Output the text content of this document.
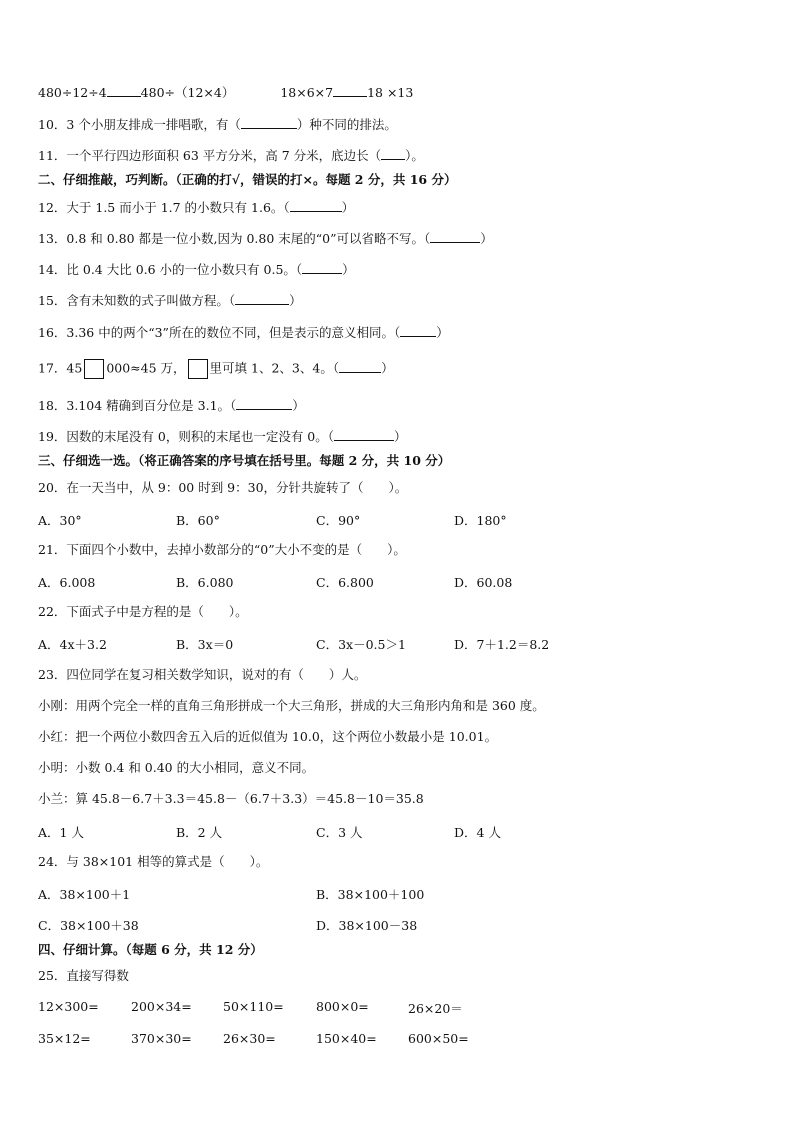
480÷12÷4	480÷（12×4）	18×6×7	18 ×13
10．3 个小朋友排成一排唱歌，有（	）种不同的排法。
11．一个平行四边形面积 63 平方分米，高 7 分米，底边长（ ）。
二、仔细推敲，巧判断。（正确的打√，错误的打×。每题 2 分，共 16 分）
12．大于 1.5 而小于 1.7 的小数只有 1.6。（	）
13．0.8 和 0.80 都是一位小数,因为 0.80 末尾的“0”可以省略不写。（	）
14．比 0.4 大比 0.6 小的一位小数只有 0.5。（	）
15．含有未知数的式子叫做方程。（	）
16．3.36 中的两个“3”所在的数位不同，但是表示的意义相同。（	）
17．45 000≈45 万， 里可填 1、2、3、4。（	）
18．3.104 精确到百分位是 3.1。（	）
19．因数的末尾没有 0，则积的末尾也一定没有 0。（	）
三、仔细选一选。（将正确答案的序号填在括号里。每题 2 分，共 10 分）
20．在一天当中，从 9：00 时到 9：30，分针共旋转了（　　）。
A．30°	B．60°	C．90°	D．180°
21．下面四个小数中，去掉小数部分的“0”大小不变的是（　　）。
A．6.008	B．6.080	C．6.800	D．60.08
22．下面式子中是方程的是（　　）。
A．4x＋3.2	B．3x＝0	C．3x－0.5＞1	D．7＋1.2＝8.2
23．四位同学在复习相关数学知识，说对的有（　　）人。
小刚：用两个完全一样的直角三角形拼成一个大三角形，拼成的大三角形内角和是 360 度。
小红：把一个两位小数四舍五入后的近似值为 10.0，这个两位小数最小是 10.01。
小明：小数 0.4 和 0.40 的大小相同，意义不同。
小兰：算 45.8－6.7＋3.3＝45.8－（6.7＋3.3）＝45.8－10＝35.8
A．1 人	B．2 人	C．3 人	D．4 人
24．与 38×101 相等的算式是（　　）。
A．38×100＋1	B．38×100＋100
C．38×100＋38	D．38×100－38
四、仔细计算。（每题 6 分，共 12 分）
25．直接写得数
12×300=	200×34=	50×110=	800×0=	26×20＝
35×12=	370×30=	26×30=	150×40=	600×50=
